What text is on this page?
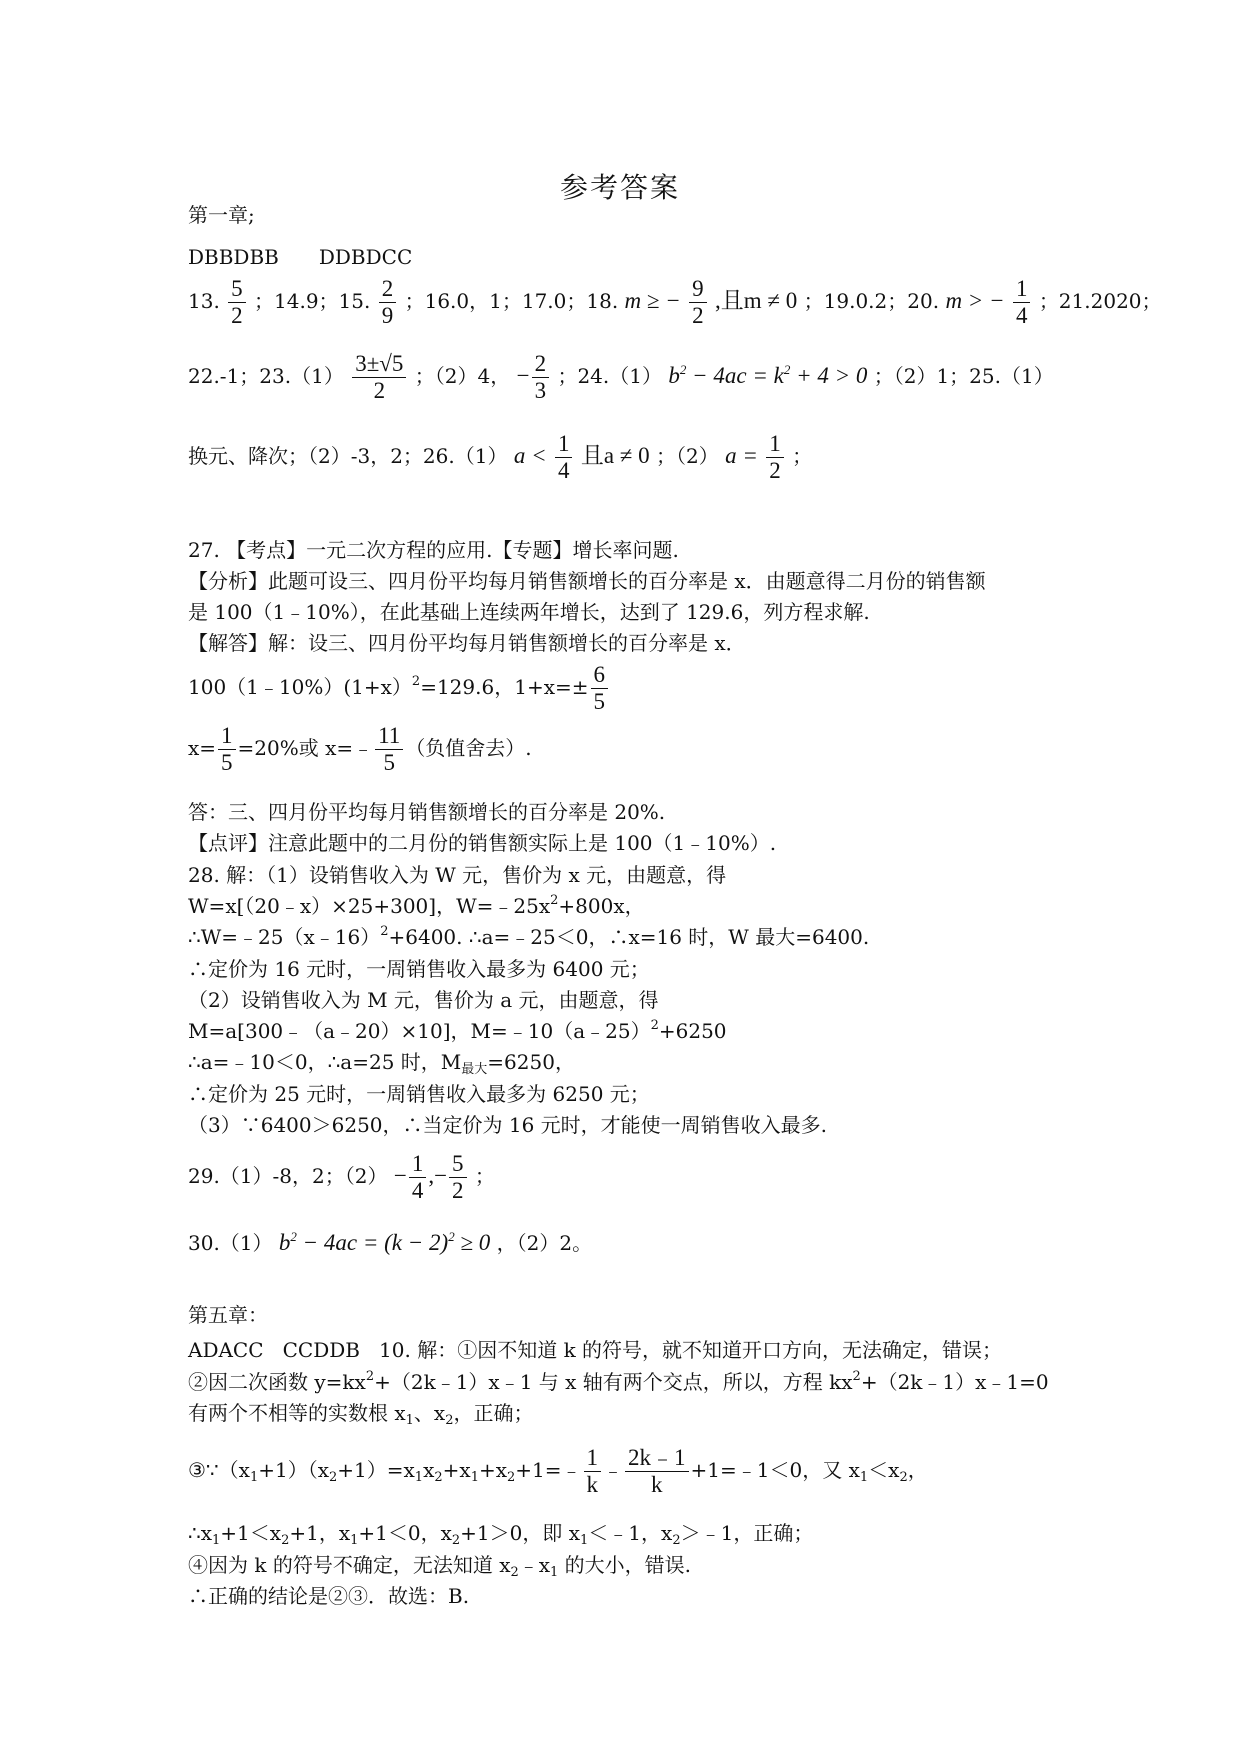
参考答案
第一章;
DBBDBB DDBDCC
13. $\frac{5}{2}$ ；14.9；15. $\frac{2}{9}$ ；16.0，1；17.0；18. m ≥ − $\frac{9}{2}$ ,且m ≠ 0 ；19.0.2；20. m > − $\frac{1}{4}$ ；21.2020；
22.-1；$23.(1) \frac{3\pm√5}{2}$ ；（2）4， − $\frac{2}{3}$ ；24.（1） $b^2 - 4ac = k^2 + 4 > 0$ ；（2）1；25.（1）
换元、降次；（2）-3，2；26.（1） $a < \frac{1}{4}$ 且a ≠ 0 ；（2） $a = \frac{1}{2}$ ；
27. 【考点】一元二次方程的应用.【专题】增长率问题.
【分析】此题可设三、四月份平均每月销售额增长的百分率是 x．由题意得二月份的销售额
是 100（1﹣10%），在此基础上连续两年增长，达到了 129.6，列方程求解.
【解答】解：设三、四月份平均每月销售额增长的百分率是 x．
100（1﹣10%）(1+x）$^2$=129.6，$1+x=\pm \frac{6}{5}$
$x= \frac{1}{5} =20\%$或 x=﹣ $\frac{11}{5}$ （负值舍去）.
答：三、四月份平均每月销售额增长的百分率是 20%.
【点评】注意此题中的二月份的销售额实际上是 100（1﹣10%）.
28. 解：（1）设销售收入为 W 元，售价为 x 元，由题意，得
W=x[（20﹣x）×25+300]，$W=﹣25x^2+800x$，
∴W=﹣25（x﹣16）$^2$+6400. ∴a=﹣25＜0，∴x=16 时，W 最大=6400.
∴定价为 16 元时，一周销售收入最多为 6400 元；
（2）设销售收入为 M 元，售价为 a 元，由题意，得
M=a[300﹣（a﹣20）×10]，M=﹣10（a﹣25）$^2$+6250
∴a=﹣10＜0，∴a=25 时，$M_{最大}=6250$，
∴定价为 25 元时，一周销售收入最多为 6250 元；
（3）∵6400＞6250，∴当定价为 16 元时，才能使一周销售收入最多.
29.（1）-8，2；$(2) - \frac{1}{4}$ ,− $\frac{5}{2}$ ；
30.（1） $b^2 - 4ac = (k - 2)^2 \ge 0$ ，（2）2。
第五章：
ADACC   CCDDB   10. 解：①因不知道 k 的符号，就不知道开口方向，无法确定，错误；
②因二次函数 $y=kx^2+(2k﹣1)x﹣1$ 与 x 轴有两个交点，所以，方程 $kx^2+(2k﹣1)x﹣1=0$
有两个不相等的实数根 $x_1$、$x_2$，正确；
$③\because(x_1+1)(x_2+1)=x_1x_2+x_1+x_2+1=﹣ \frac{1}{k}$ ﹣ $\frac{2k﹣1}{k}$ +1=﹣1＜0，又 $x_1<x_2$，
$\therefore x_1+1<x_2+1$，$x_1+1<0$，$x_2+1>0$，即 $x_1<﹣1$，$x_2>﹣1$，正确；
④因为 k 的符号不确定，无法知道 $x_2﹣x_1$ 的大小，错误.
∴正确的结论是②③．故选：B.
